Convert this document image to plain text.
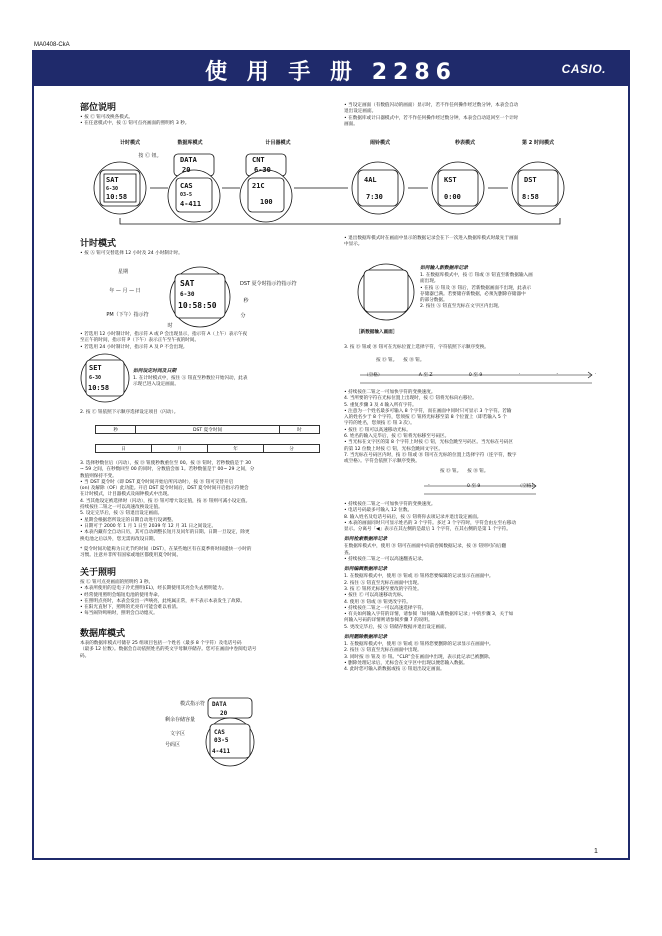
MA0408-CkA
使 用 手 册 2286	CASIO.
部位说明
• 按 Ⓒ 钮可改换各模式。
• 在任意模式中，按 Ⓛ 钮可点亮画面的照明约 3 秒。
• 当设定画面（有数值闪动的画面）显示时，若不作任何操作经过数分钟，本表会自动
退出设定画面。
• 在数据库或计日器模式中，若不作任何操作经过数分钟，本表会自动返回至一个计时
画面。
计时模式	数据库模式	计目器模式	闹铃模式	秒表模式	第 2 时间模式
按 Ⓒ 钮。
SAT
6-30
10:58
DATA
20
CAS
03-5
4-411
CNT
6-30
21C
100
4AL
7:30
KST
0:00
DST
8:58
计时模式
• 按 Ⓐ 钮可交替选择 12 小时及 24 小时制计时。
星期
年 — 月 — 日
PM（下午）指示符
时
分
秒
DST 夏令时指示符指示符
SAT
6-30
10:58:50
• 若选用 12 小时制计时，指示符 A 或 P 会出现显示，指示符 A（上午）表示午夜
至正午的时间，指示符 P（下午）表示正午至午夜的时间。
• 若选用 24 小时制计时，指示符 A 及 P 不会出现。
SET
6-30
10:58
如何设定时间及日期
1. 在计时模式中，按住 Ⓐ 钮直至秒数位开始闪动，此表
示现已进入设定画面。
2. 按 Ⓒ 钮依照下示顺序选择设定项目（闪动）。
秒	DST 夏令时间	时
日	月	年	分
3. 选择秒数位后（闪动），按 Ⓓ 钮使秒数重位至 00。按 Ⓓ 钮时，若秒数值是于 30
~ 59 之间，在秒数回至 00 的同时，分数值会加 1。若秒数值是于 00~ 29 之间，分
数值则保持不变。
• 当 DST 夏令时（即 DST 夏令时间开始后所闪动时），按 Ⓓ 钮可交替开启
(on) 及解除（OF）此功能。开启 DST 夏令时间后，DST 夏令时间开启指示符便会
在计时模式，计目器模式及闹钟模式中出现。
4. 当其他设定被选择时（闪动），按 Ⓓ 钮可增大设定值，按 Ⓑ 钮则可减小设定值。
持续按住二钮之一可以高速改换设定值。
5. 设定完毕后，按 Ⓐ 钮退出设定画面。
• 星期会根据您所设定的日期自动进行设调整。
• 日期可于 2000 年 1 月 1 日至 2039 年 12 月 31 日之间设定。
• 本表内藏有全自动日历，其可自动调整长短月及闰年的日期。日期一旦设定，除更
换电池之后以外，您无需再改设日期。
* 夏令时间功能称为日光节约时间（DST），在某些地区有在夏季将时间提快一小时的
习惯。注意并非所有国家或地区都使用夏令时间。
关于照明
按 Ⓛ 钮可点亮画面的照明约 3 秒。
• 本表所使用的是电子冷光照明(EL)，经长期使用其亮会失去照明能力。
• 经常使用照明会缩短电池的使用寿命。
• 在照明点亮时，本表会发出一声响亮，此纯属正常，并不表示本表发生了故障。
• 在阳光直射下，照明的光亮有可能会难以看清。
• 每当闹铃鸣响时，照明会自动熄灭。
数据库模式
本表的数据库模式可储存 25 组项目包括一个姓名（最多 8 个字符）及电话号码
（最多 12 位数）。数据会自动依照姓名的英文字母顺序储存。您可在画面中卷阅电话号
码。
模式指示符
剩余存储容量
文字区
号码区
DATA
20
CAS
03-5
4-411
• 退出数据库模式时在画面中显示的数据记录会在下一次进入数据库模式时最先于画面
中显示。
如何输入新数据库记录
1. 在数据库模式中，按 Ⓒ 钮或 Ⓓ 钮直至新数据输入画
面出现。
• 在按 Ⓐ 钮及 Ⓓ 钮后，若新数据画面不出现，此表示
存储器已满。若要储存新数据，必须先删除存储器中
的部分数据。
2. 按住 Ⓐ 钮直至光标在文字区内出现。
［新数据输入画面］
3. 按 Ⓓ 钮或 Ⓑ 钮可在光标位置上选择字符，字符依照下示顺序变换。
按 Ⓓ 钮。 按 Ⓑ 钮。
（空格）	A 至 Z	0 至 9	·	-	·
• 持续按住二钮之一可加快字符的变换速度。
4. 当所要的字符在光标位置上出现时，按 Ⓒ 钮将光标向右移位。
5. 重复步骤 3 及 4 输入所有字符。
• 注意为一个姓名最多可输入 8 个字符，而在画面中同时只可显示 3 个字符。若输
入的姓名少于 8 个字符，您须按 Ⓒ 钮将光标移至第 8 个位置上（即若输入 5 个
字符的姓名，您须按 Ⓒ 钮 3 次）。
• 按住 Ⓒ 钮可以高速移动光标。
6. 姓名的输入完毕后，按 Ⓒ 钮将光标移至号码区。
• 当光标在文字区的第 8 个字符上时按 Ⓒ 钮，光标会跳至号码区。当光标在号码区
的第 12 位数上时按 Ⓒ 钮，光标会跳回文字区。
7. 当光标在号码区内时，按 Ⓓ 钮或 Ⓑ 钮可在光标的位置上选择字符（连字符，数字
或空格）。字符会依照下示顺序变换。
按 Ⓓ 钮。 按 Ⓑ 钮。
-	0 至 9	（空格）
• 持续按住二钮之一可加快字符的变换速度。
• 电话号码最多可输入 12 位数。
8. 输入姓名及电话号码后，按 Ⓐ 钮将你去项记录并退出设定画面。
• 本表的画面同时只可显示姓名的 3 个字符。多过 3 个字符时，字符会由左至右移动
显示。分离号「◀」表示在其左侧的是最后 1 个字符，在其右侧的是第 1 个字符。
如何检索数据库记录
在数据库模式中，使用 Ⓓ 钮可在画面中向前卷阅数据记录，按 Ⓑ 钮则可向后翻
查。
• 持续按住二钮之一可以高速翻查记录。
如何编辑数据库记录
1. 在数据库模式中，使用 Ⓓ 钮或 Ⓑ 钮将您要编辑的记录显示在画面中。
2. 按住 Ⓐ 钮直至光标在画面中出现。
3. 按 Ⓒ 钮将光标移至要改的字符处。
• 按住 Ⓒ 可以高速移动光标。
4. 使用 Ⓓ 钮或 Ⓑ 钮更改字符。
• 持续按住二钮之一可以高速选择字符。
• 有关如何输入字符的详情，请参阅「如何输入新数据库记录」中的步骤 3，关于如
何输入号码的详情则请参阅步骤 7 的说明。
5. 更改完毕后，按 Ⓐ 钮储存数据并退出设定画面。
如何删除数据库记录
1. 在数据库模式中，使用 Ⓓ 钮或 Ⓑ 钮将您要删除的记录显示在画面中。
2. 按住 Ⓐ 钮直至光标在画面中出现。
3. 同时按 Ⓑ 钮及 Ⓓ 钮。“CLR”会在画面中出现，表示此记录已被删除。
• 删除处理记录后，光标会在文字区中出现以便您输入数据。
4. 此时您可输入新数据或按 Ⓐ 钮退出设定画面。
1
